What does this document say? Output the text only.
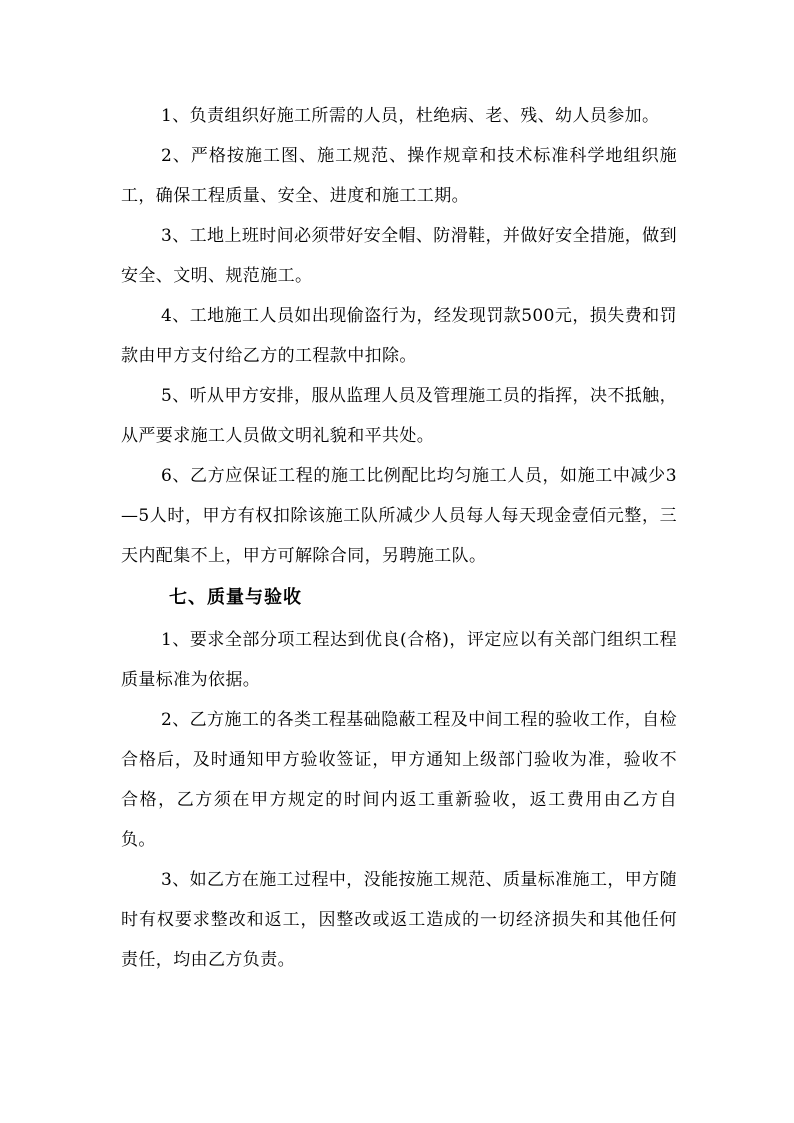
1、负责组织好施工所需的人员，杜绝病、老、残、幼人员参加。

2、严格按施工图、施工规范、操作规章和技术标准科学地组织施工，确保工程质量、安全、进度和施工工期。

3、工地上班时间必须带好安全帽、防滑鞋，并做好安全措施，做到安全、文明、规范施工。

4、工地施工人员如出现偷盗行为，经发现罚款500元，损失费和罚款由甲方支付给乙方的工程款中扣除。

5、听从甲方安排，服从监理人员及管理施工员的指挥，决不抵触，从严要求施工人员做文明礼貌和平共处。

6、乙方应保证工程的施工比例配比均匀施工人员，如施工中减少3—5人时，甲方有权扣除该施工队所减少人员每人每天现金壹佰元整，三天内配集不上，甲方可解除合同，另聘施工队。

七、质量与验收

1、要求全部分项工程达到优良(合格)，评定应以有关部门组织工程质量标准为依据。

2、乙方施工的各类工程基础隐蔽工程及中间工程的验收工作，自检合格后，及时通知甲方验收签证，甲方通知上级部门验收为准，验收不合格，乙方须在甲方规定的时间内返工重新验收，返工费用由乙方自负。

3、如乙方在施工过程中，没能按施工规范、质量标准施工，甲方随时有权要求整改和返工，因整改或返工造成的一切经济损失和其他任何责任，均由乙方负责。
